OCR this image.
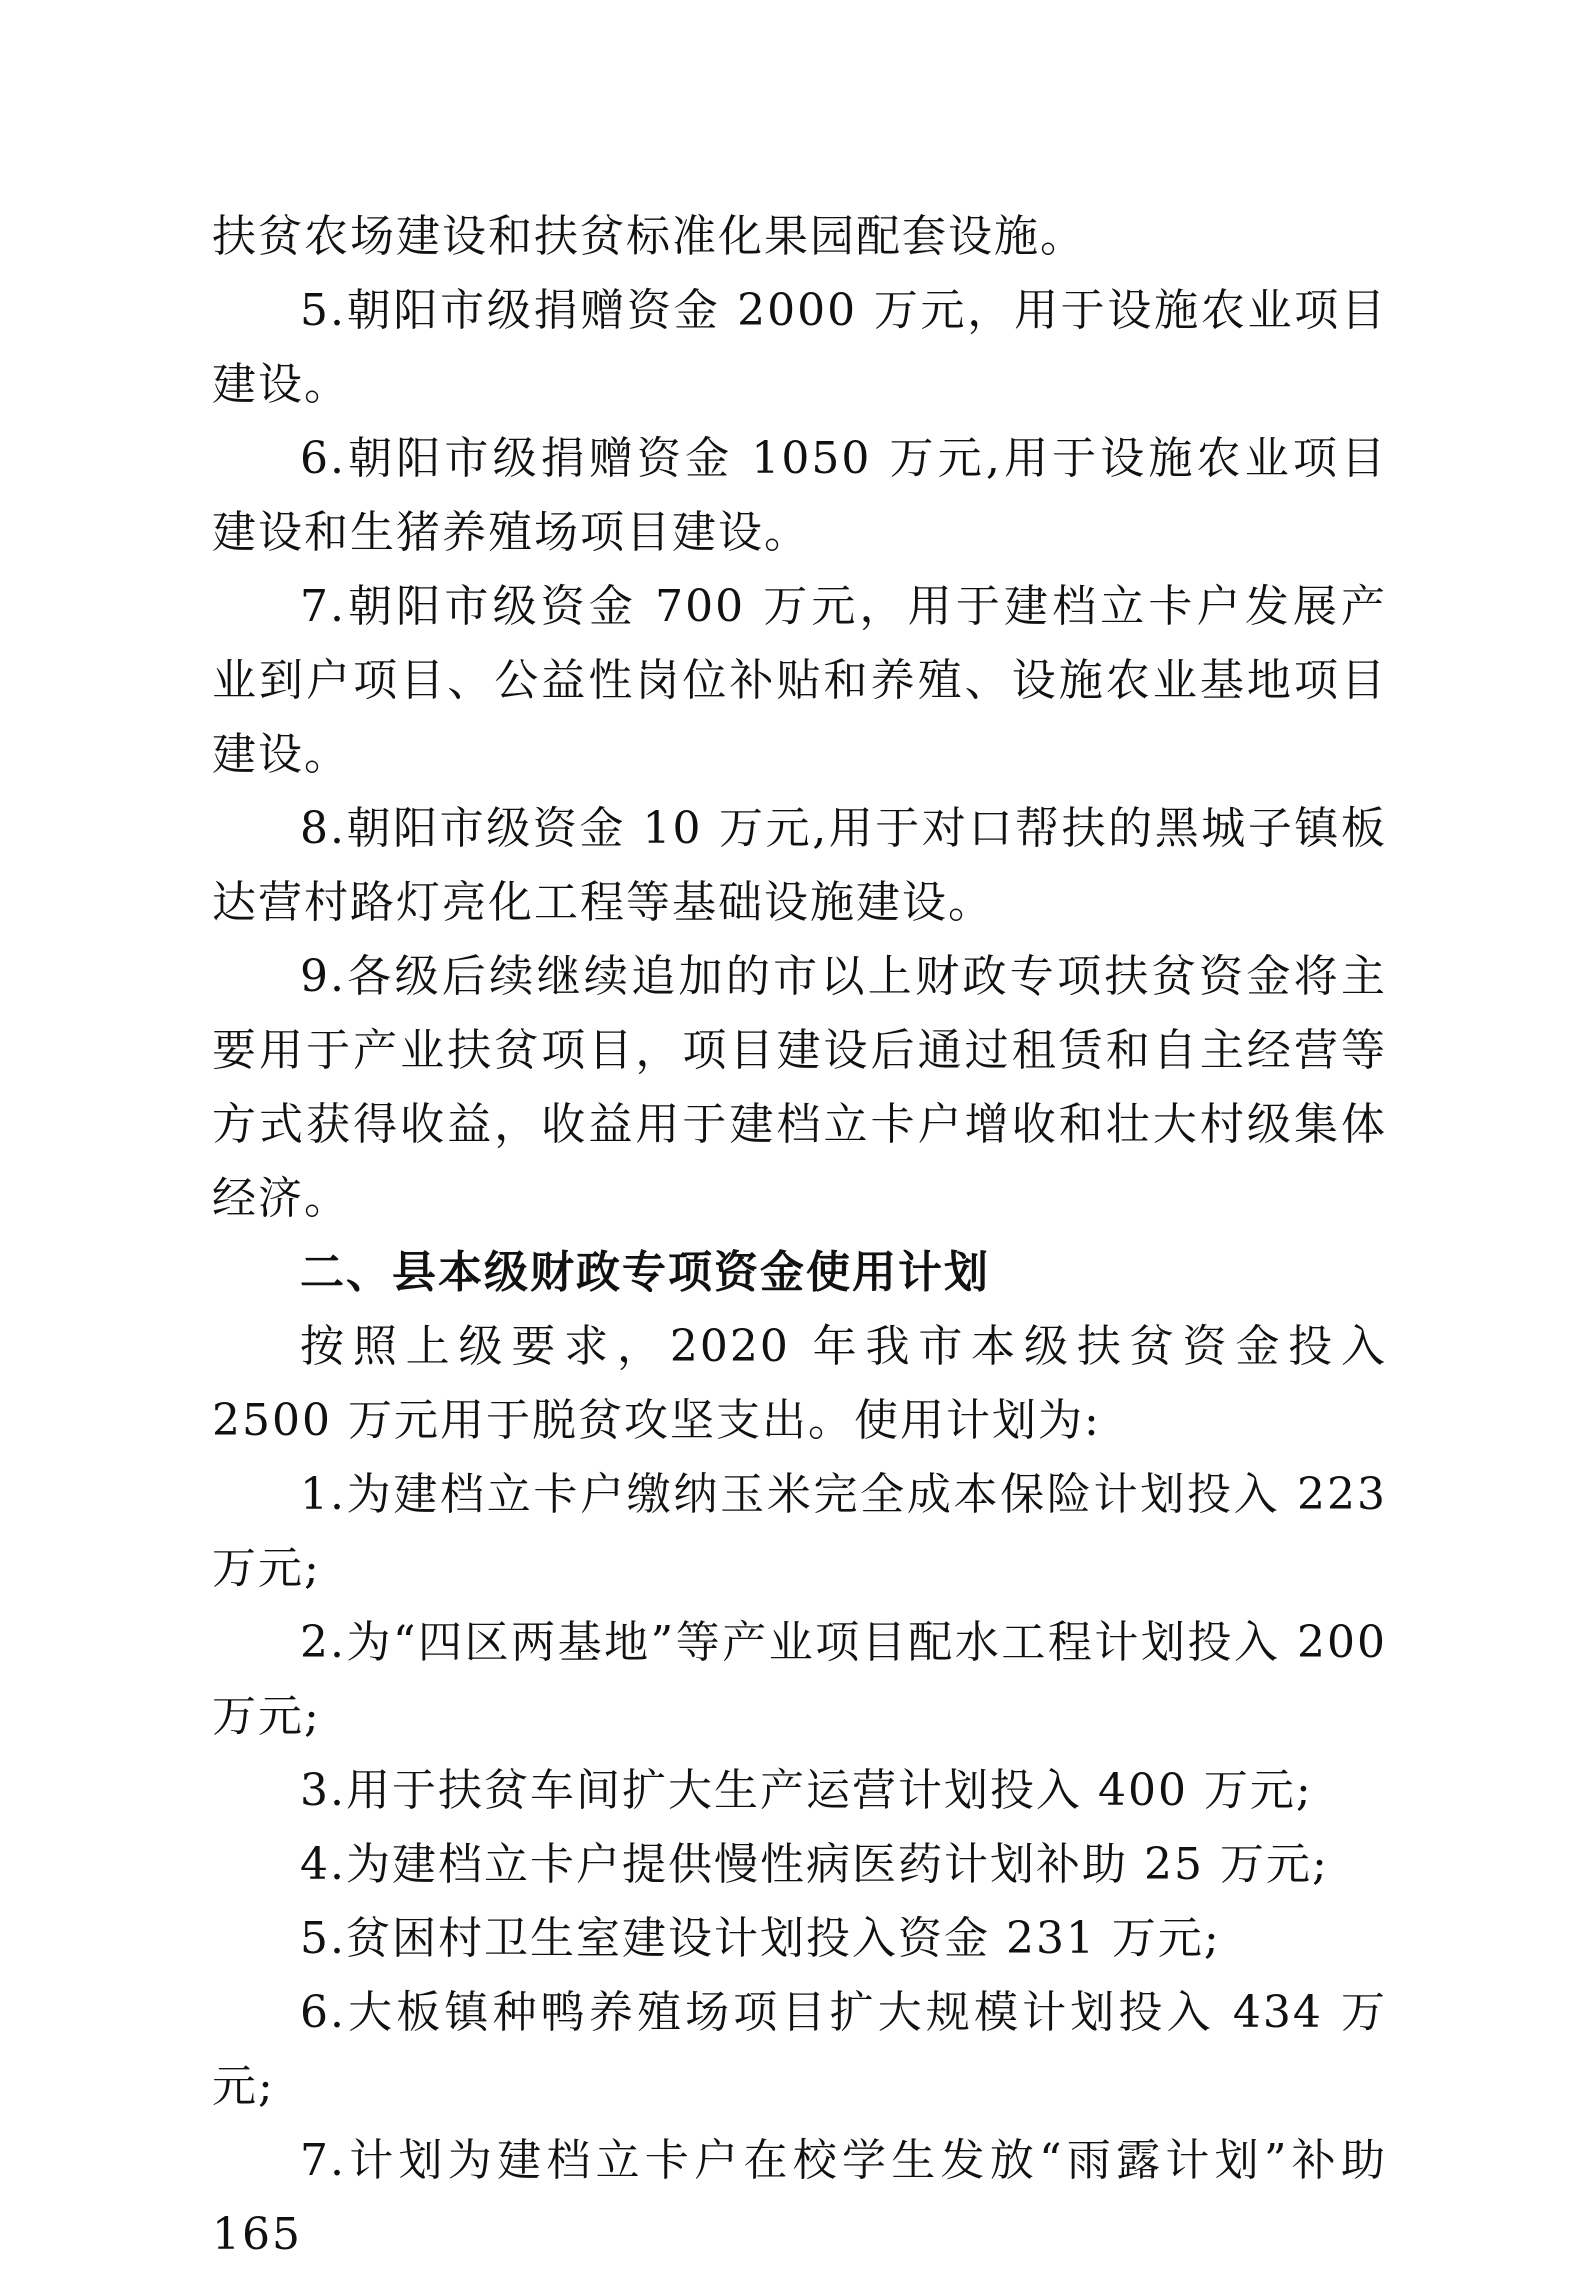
扶贫农场建设和扶贫标准化果园配套设施。

5.朝阳市级捐赠资金 2000 万元，用于设施农业项目建设。

6.朝阳市级捐赠资金 1050 万元,用于设施农业项目建设和生猪养殖场项目建设。

7.朝阳市级资金 700 万元，用于建档立卡户发展产业到户项目、公益性岗位补贴和养殖、设施农业基地项目建设。

8.朝阳市级资金 10 万元,用于对口帮扶的黑城子镇板达营村路灯亮化工程等基础设施建设。

9.各级后续继续追加的市以上财政专项扶贫资金将主要用于产业扶贫项目，项目建设后通过租赁和自主经营等方式获得收益，收益用于建档立卡户增收和壮大村级集体经济。

二、县本级财政专项资金使用计划

按照上级要求，2020 年我市本级扶贫资金投入 2500 万元用于脱贫攻坚支出。使用计划为:

1.为建档立卡户缴纳玉米完全成本保险计划投入 223 万元;

2.为“四区两基地”等产业项目配水工程计划投入 200 万元;

3.用于扶贫车间扩大生产运营计划投入 400 万元;

4.为建档立卡户提供慢性病医药计划补助 25 万元;

5.贫困村卫生室建设计划投入资金 231 万元;

6.大板镇种鸭养殖场项目扩大规模计划投入 434 万元;

7.计划为建档立卡户在校学生发放“雨露计划”补助 165
